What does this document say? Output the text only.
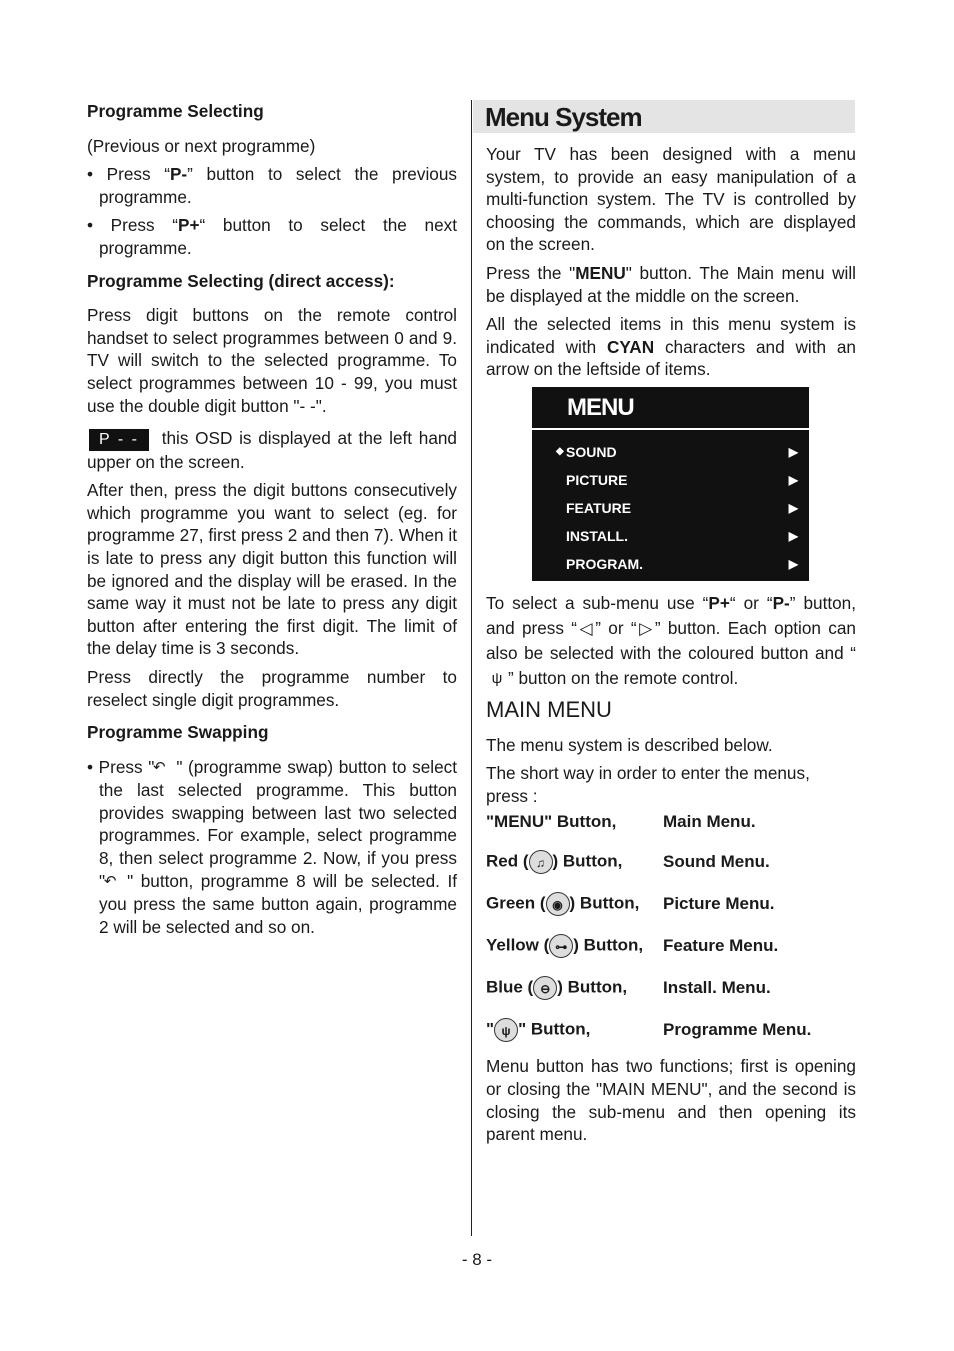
Programme Selecting

(Previous or next programme)

• Press “P-” button to select the previous programme.

• Press “P+“ button to select the next programme.

Programme Selecting (direct access):

Press digit buttons on the remote control handset to select programmes between 0 and 9. TV will switch to the selected programme. To select programmes between 10 - 99, you must use the double digit button "- -".

P - - this OSD is displayed at the left hand upper on the screen.

After then, press the digit buttons consecutively which programme you want to select (eg. for programme 27, first press 2 and then 7). When it is late to press any digit button this function will be ignored and the display will be erased. In the same way it must not be late to press any digit button after entering the first digit. The limit of the delay time is 3 seconds.

Press directly the programme number to reselect single digit programmes.

Programme Swapping

• Press "↶ " (programme swap) button to select the last selected programme. This button provides swapping between last two selected programmes. For example, select programme 8, then select programme 2. Now, if you press "↶ " button, programme 8 will be selected. If you press the same button again, programme 2 will be selected and so on.

Menu System

Your TV has been designed with a menu system, to provide an easy manipulation of a multi-function system. The TV is controlled by choosing the commands, which are displayed on the screen.

Press the "MENU" button. The Main menu will be displayed at the middle on the screen.

All the selected items in this menu system is indicated with CYAN characters and with an arrow on the leftside of items.

MENU
◆ SOUND	▶
PICTURE	▶
FEATURE	▶
INSTALL.	▶
PROGRAM.	▶

To select a sub-menu use “P+“ or “P-” button, and press “◁” or “▷” button. Each option can also be selected with the coloured button and “ψ ” button on the remote control.

MAIN MENU

The menu system is described below.

The short way in order to enter the menus, press :

"MENU" Button,	Main Menu.
Red ( ♫ ) Button,	Sound Menu.
Green ( ◉ ) Button,	Picture Menu.
Yellow ( ⊶ ) Button,	Feature Menu.
Blue ( ⊖ ) Button,	Install. Menu.
" ψ " Button,	Programme Menu.

Menu button has two functions; first is opening or closing the "MAIN MENU", and the second is closing the sub-menu and then opening its parent menu.

- 8 -
